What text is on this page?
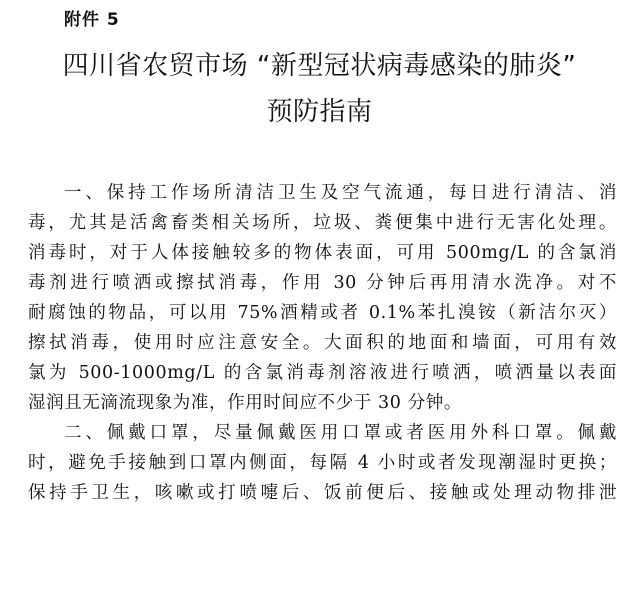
附件 5
四川省农贸市场 “新型冠状病毒感染的肺炎”
预防指南
一、保持工作场所清洁卫生及空气流通，每日进行清洁、消
毒，尤其是活禽畜类相关场所，垃圾、粪便集中进行无害化处理。
消毒时，对于人体接触较多的物体表面，可用 500mg/L 的含氯消
毒剂进行喷洒或擦拭消毒，作用 30 分钟后再用清水洗净。对不
耐腐蚀的物品，可以用 75%酒精或者 0.1%苯扎溴铵（新洁尔灭）
擦拭消毒，使用时应注意安全。大面积的地面和墙面，可用有效
氯为 500-1000mg/L 的含氯消毒剂溶液进行喷洒，喷洒量以表面
湿润且无滴流现象为准，作用时间应不少于 30 分钟。
二、佩戴口罩，尽量佩戴医用口罩或者医用外科口罩。佩戴
时，避免手接触到口罩内侧面，每隔 4 小时或者发现潮湿时更换；
保持手卫生，咳嗽或打喷嚏后、饭前便后、接触或处理动物排泄
